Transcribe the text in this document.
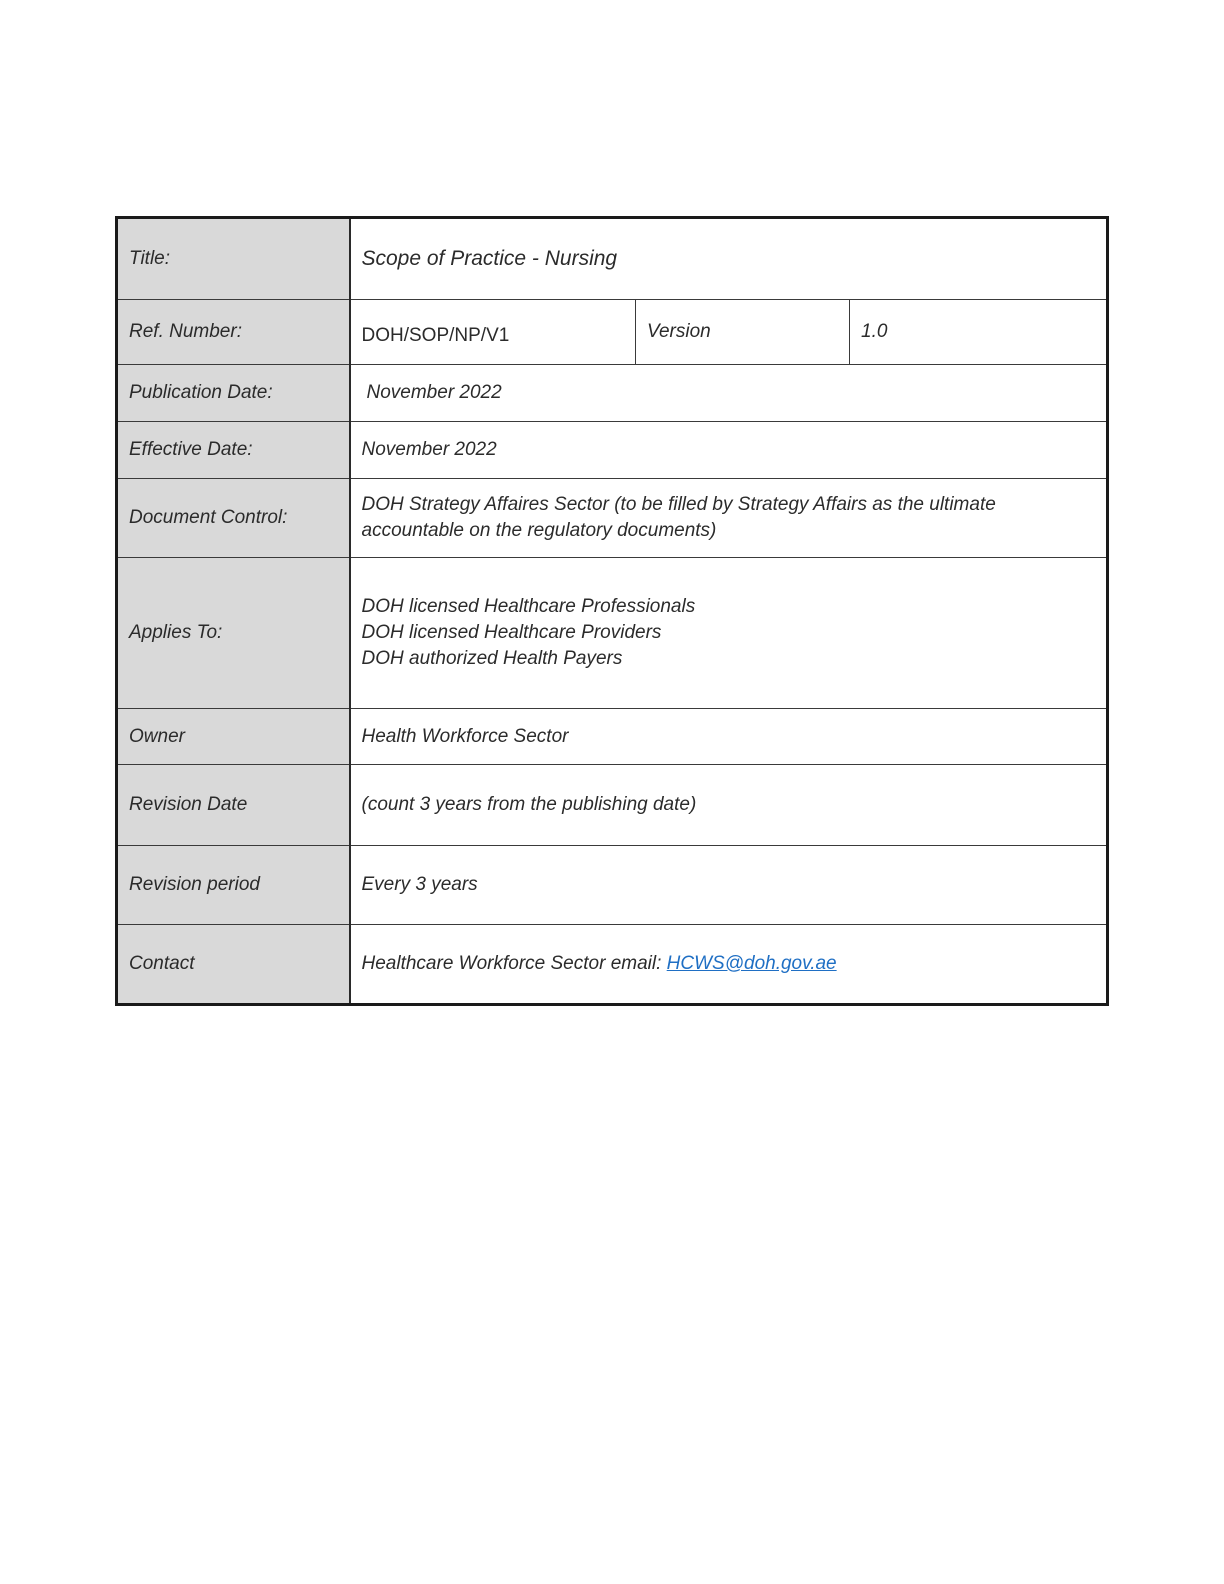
Title:	Scope of Practice - Nursing		
Ref. Number:	DOH/SOP/NP/V1	Version	1.0
Publication Date:	November 2022		
Effective Date:	November 2022		
Document Control:	DOH Strategy Affaires Sector (to be filled by Strategy Affairs as the ultimate
accountable on the regulatory documents)		

Applies To:	DOH licensed Healthcare Professionals
DOH licensed Healthcare Providers
DOH authorized Health Payers		

Owner	Health Workforce Sector		
Revision Date	(count 3 years from the publishing date)		
Revision period	Every 3 years		
Contact	Healthcare Workforce Sector email: HCWS@doh.gov.ae		
